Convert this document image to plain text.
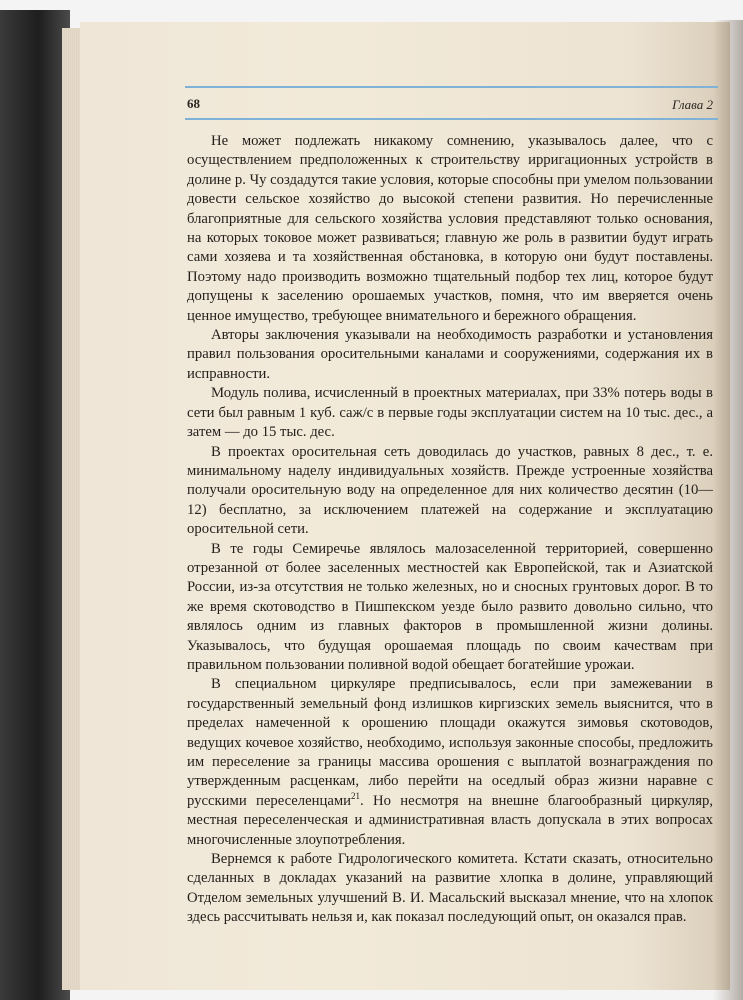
68	Глава 2

Не может подлежать никакому сомнению, указывалось далее, что с осуществлением предположенных к строительству ирригационных устройств в долине р. Чу создадутся такие условия, которые способны при умелом пользовании довести сельское хозяйство до высокой степени развития. Но перечисленные благоприятные для сельского хозяйства условия представляют только основания, на которых токовое может развиваться; главную же роль в развитии будут играть сами хозяева и та хозяйственная обстановка, в которую они будут поставлены. Поэтому надо производить возможно тщательный подбор тех лиц, которое будут допущены к заселению орошаемых участков, помня, что им вверяется очень ценное имущество, требующее внимательного и бережного обращения.

Авторы заключения указывали на необходимость разработки и установления правил пользования оросительными каналами и сооружениями, содержания их в исправности.

Модуль полива, исчисленный в проектных материалах, при 33% потерь воды в сети был равным 1 куб. саж/с в первые годы эксплуатации систем на 10 тыс. дес., а затем — до 15 тыс. дес.

В проектах оросительная сеть доводилась до участков, равных 8 дес., т. е. минимальному наделу индивидуальных хозяйств. Прежде устроенные хозяйства получали оросительную воду на определенное для них количество десятин (10—12) бесплатно, за исключением платежей на содержание и эксплуатацию оросительной сети.

В те годы Семиречье являлось малозаселенной территорией, совершенно отрезанной от более заселенных местностей как Европейской, так и Азиатской России, из-за отсутствия не только железных, но и сносных грунтовых дорог. В то же время скотоводство в Пишпекском уезде было развито довольно сильно, что являлось одним из главных факторов в промышленной жизни долины. Указывалось, что будущая орошаемая площадь по своим качествам при правильном пользовании поливной водой обещает богатейшие урожаи.

В специальном циркуляре предписывалось, если при замежевании в государственный земельный фонд излишков киргизских земель выяснится, что в пределах намеченной к орошению площади окажутся зимовья скотоводов, ведущих кочевое хозяйство, необходимо, используя законные способы, предложить им переселение за границы массива орошения с выплатой вознаграждения по утвержденным расценкам, либо перейти на оседлый образ жизни наравне с русскими переселенцами$^{21}$. Но несмотря на внешне благообразный циркуляр, местная переселенческая и административная власть допускала в этих вопросах многочисленные злоупотребления.

Вернемся к работе Гидрологического комитета. Кстати сказать, относительно сделанных в докладах указаний на развитие хлопка в долине, управляющий Отделом земельных улучшений В. И. Масальский высказал мнение, что на хлопок здесь рассчитывать нельзя и, как показал последующий опыт, он оказался прав.
